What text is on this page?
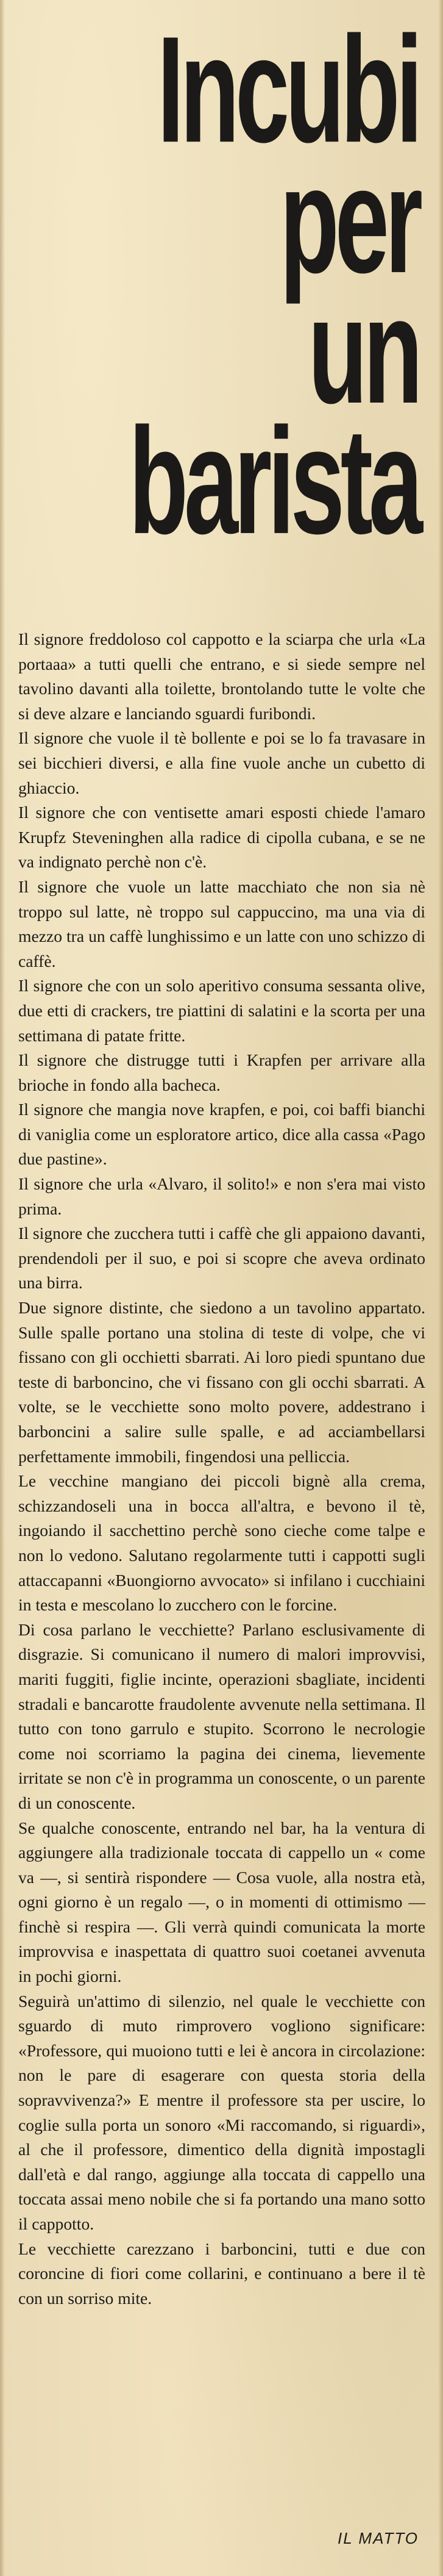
Incubi
per
un
barista

Il signore freddoloso col cappotto e la sciarpa che urla «La portaaa» a tutti quelli che entrano, e si siede sempre nel tavolino davanti alla toilette, brontolando tutte le volte che si deve alzare e lanciando sguardi furibondi.

Il signore che vuole il tè bollente e poi se lo fa travasare in sei bicchieri diversi, e alla fine vuole anche un cubetto di ghiaccio.

Il signore che con ventisette amari esposti chiede l'amaro Krupfz Steveninghen alla radice di cipolla cubana, e se ne va indignato perchè non c'è.

Il signore che vuole un latte macchiato che non sia nè troppo sul latte, nè troppo sul cappuccino, ma una via di mezzo tra un caffè lunghissimo e un latte con uno schizzo di caffè.

Il signore che con un solo aperitivo consuma sessanta olive, due etti di crackers, tre piattini di salatini e la scorta per una settimana di patate fritte.

Il signore che distrugge tutti i Krapfen per arrivare alla brioche in fondo alla bacheca.

Il signore che mangia nove krapfen, e poi, coi baffi bianchi di vaniglia come un esploratore artico, dice alla cassa «Pago due pastine».

Il signore che urla «Alvaro, il solito!» e non s'era mai visto prima.

Il signore che zucchera tutti i caffè che gli appaiono davanti, prendendoli per il suo, e poi si scopre che aveva ordinato una birra.

Due signore distinte, che siedono a un tavolino appartato. Sulle spalle portano una stolina di teste di volpe, che vi fissano con gli occhietti sbarrati. Ai loro piedi spuntano due teste di barboncino, che vi fissano con gli occhi sbarrati. A volte, se le vecchiette sono molto povere, addestrano i barboncini a salire sulle spalle, e ad acciambellarsi perfettamente immobili, fingendosi una pelliccia.

Le vecchine mangiano dei piccoli bignè alla crema, schizzandoseli una in bocca all'altra, e bevono il tè, ingoiando il sacchettino perchè sono cieche come talpe e non lo vedono. Salutano regolarmente tutti i cappotti sugli attaccapanni «Buongiorno avvocato» si infilano i cucchiaini in testa e mescolano lo zucchero con le forcine.

Di cosa parlano le vecchiette? Parlano esclusivamente di disgrazie. Si comunicano il numero di malori improvvisi, mariti fuggiti, figlie incinte, operazioni sbagliate, incidenti stradali e bancarotte fraudolente avvenute nella settimana. Il tutto con tono garrulo e stupito. Scorrono le necrologie come noi scorriamo la pagina dei cinema, lievemente irritate se non c'è in programma un conoscente, o un parente di un conoscente.

Se qualche conoscente, entrando nel bar, ha la ventura di aggiungere alla tradizionale toccata di cappello un « come va —, si sentirà rispondere — Cosa vuole, alla nostra età, ogni giorno è un regalo —, o in momenti di ottimismo — finchè si respira —. Gli verrà quindi comunicata la morte improvvisa e inaspettata di quattro suoi coetanei avvenuta in pochi giorni.

Seguirà un'attimo di silenzio, nel quale le vecchiette con sguardo di muto rimprovero vogliono significare: «Professore, qui muoiono tutti e lei è ancora in circolazione: non le pare di esagerare con questa storia della sopravvivenza?» E mentre il professore sta per uscire, lo coglie sulla porta un sonoro «Mi raccomando, si riguardi», al che il professore, dimentico della dignità impostagli dall'età e dal rango, aggiunge alla toccata di cappello una toccata assai meno nobile che si fa portando una mano sotto il cappotto.

Le vecchiette carezzano i barboncini, tutti e due con coroncine di fiori come collarini, e continuano a bere il tè con un sorriso mite.

IL MATTO
